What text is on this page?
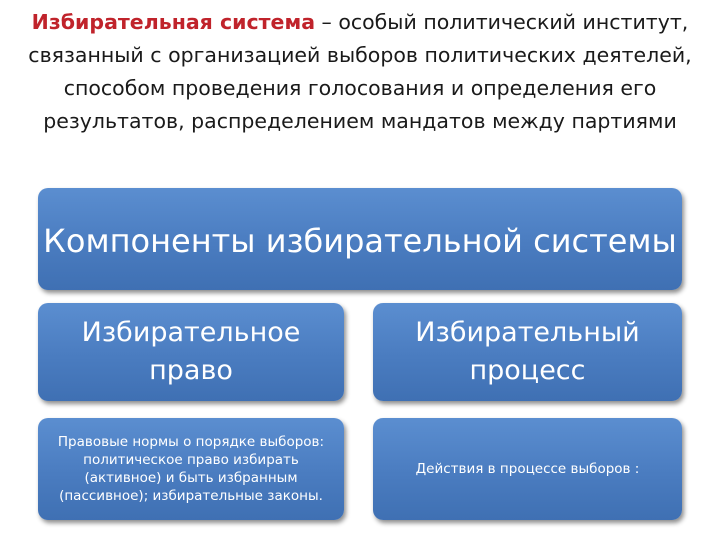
Избирательная система – особый политический институт, связанный с организацией выборов политических деятелей, способом проведения голосования и определения его результатов, распределением мандатов между партиями
Компоненты избирательной системы
Избирательное право
Избирательный процесс
Правовые нормы о порядке выборов: политическое право избирать (активное) и быть избранным (пассивное); избирательные законы.
Действия в процессе выборов :
